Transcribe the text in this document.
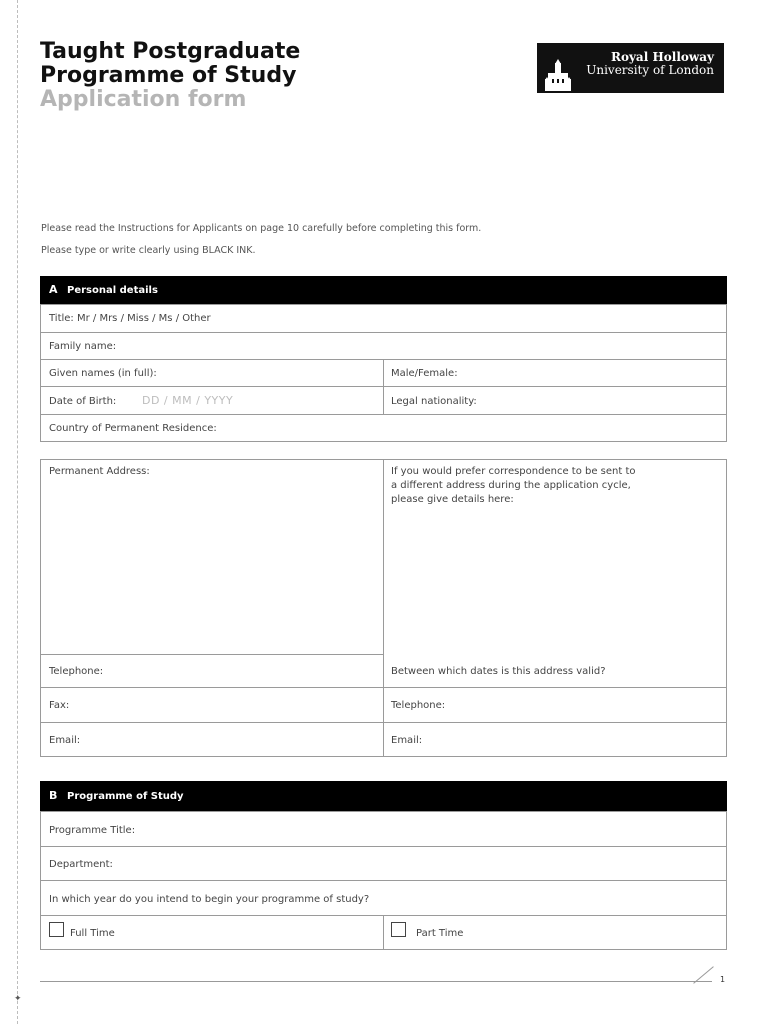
✦
Taught Postgraduate
Programme of Study
Application form
Royal Holloway
University of London
Please read the Instructions for Applicants on page 10 carefully before completing this form.
Please type or write clearly using BLACK INK.
A Personal details
Title: Mr / Mrs / Miss / Ms / Other
Family name:
Given names (in full):	Male/Female:
Date of Birth: DD / MM / YYYY	Legal nationality:
Country of Permanent Residence:
Permanent Address:	If you would prefer correspondence to be sent to
a different address during the application cycle,
please give details here:
Telephone:	Between which dates is this address valid?
Fax:	Telephone:
Email:	Email:
B Programme of Study
Programme Title:
Department:
In which year do you intend to begin your programme of study?
Full Time	Part Time
1
